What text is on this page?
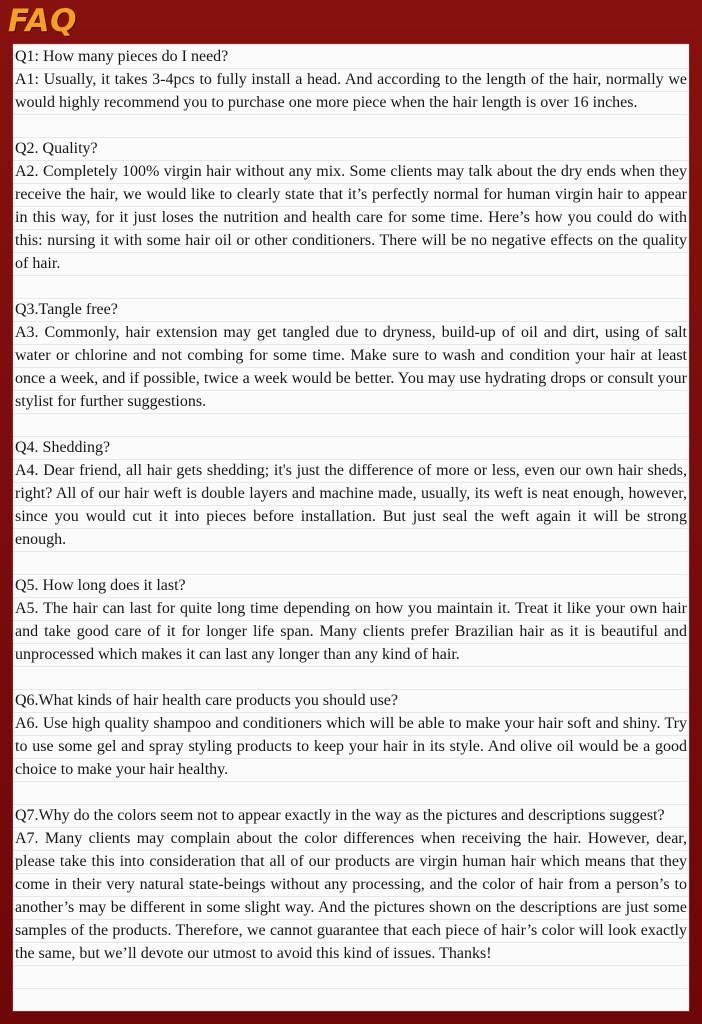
FAQ

Q1: How many pieces do I need?

A1: Usually, it takes 3-4pcs to fully install a head. And according to the length of the hair, normally we would highly recommend you to purchase one more piece when the hair length is over 16 inches.

Q2. Quality?

A2. Completely 100% virgin hair without any mix. Some clients may talk about the dry ends when they receive the hair, we would like to clearly state that it’s perfectly normal for human virgin hair to appear in this way, for it just loses the nutrition and health care for some time. Here’s how you could do with this: nursing it with some hair oil or other conditioners. There will be no negative effects on the quality of hair.

Q3.Tangle free?

A3. Commonly, hair extension may get tangled due to dryness, build-up of oil and dirt, using of salt water or chlorine and not combing for some time. Make sure to wash and condition your hair at least once a week, and if possible, twice a week would be better. You may use hydrating drops or consult your stylist for further suggestions.

Q4. Shedding?

A4. Dear friend, all hair gets shedding; it's just the difference of more or less, even our own hair sheds, right? All of our hair weft is double layers and machine made, usually, its weft is neat enough, however, since you would cut it into pieces before installation. But just seal the weft again it will be strong enough.

Q5. How long does it last?

A5. The hair can last for quite long time depending on how you maintain it. Treat it like your own hair and take good care of it for longer life span. Many clients prefer Brazilian hair as it is beautiful and unprocessed which makes it can last any longer than any kind of hair.

Q6.What kinds of hair health care products you should use?

A6. Use high quality shampoo and conditioners which will be able to make your hair soft and shiny. Try to use some gel and spray styling products to keep your hair in its style. And olive oil would be a good choice to make your hair healthy.

Q7.Why do the colors seem not to appear exactly in the way as the pictures and descriptions suggest?

A7. Many clients may complain about the color differences when receiving the hair. However, dear, please take this into consideration that all of our products are virgin human hair which means that they come in their very natural state-beings without any processing, and the color of hair from a person’s to another’s may be different in some slight way. And the pictures shown on the descriptions are just some samples of the products. Therefore, we cannot guarantee that each piece of hair’s color will look exactly the same, but we’ll devote our utmost to avoid this kind of issues. Thanks!
